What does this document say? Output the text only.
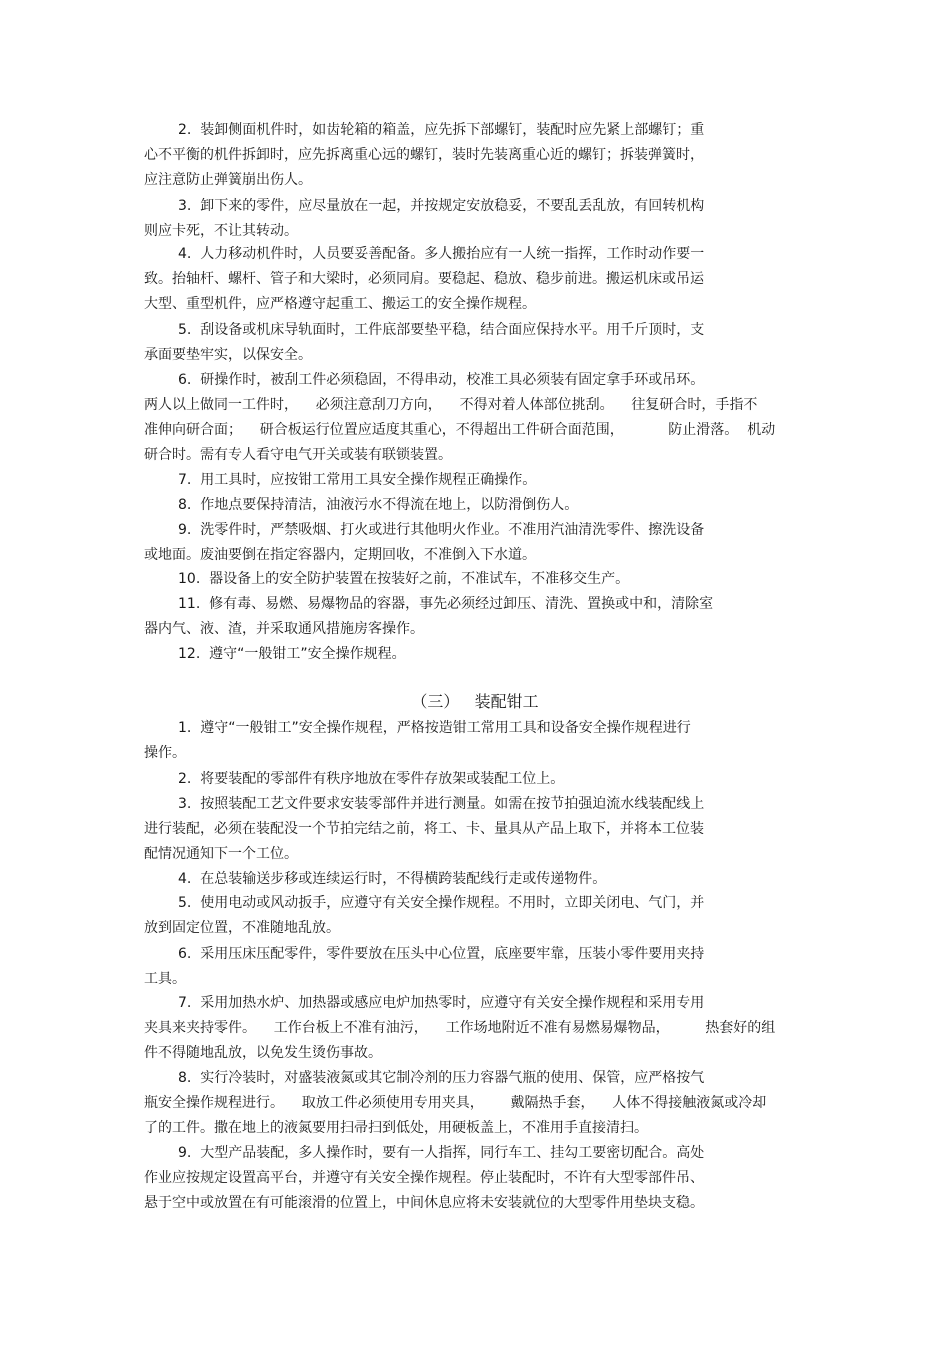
2.  装卸侧面机件时，如齿轮箱的箱盖，应先拆下部螺钉，装配时应先紧上部螺钉；重
心不平衡的机件拆卸时，应先拆离重心远的螺钉，装时先装离重心近的螺钉；拆装弹簧时，
应注意防止弹簧崩出伤人。
3.  卸下来的零件，应尽量放在一起，并按规定安放稳妥，不要乱丢乱放，有回转机构
则应卡死，不让其转动。
4.  人力移动机件时，人员要妥善配备。多人搬抬应有一人统一指挥，工作时动作要一
致。抬轴杆、螺杆、管子和大梁时，必须同肩。要稳起、稳放、稳步前进。搬运机床或吊运
大型、重型机件，应严格遵守起重工、搬运工的安全操作规程。
5.  刮设备或机床导轨面时，工件底部要垫平稳，结合面应保持水平。用千斤顶时，支
承面要垫牢实，以保安全。
6.  研操作时，被刮工件必须稳固，不得串动，校准工具必须装有固定拿手环或吊环。
两人以上做同一工件时，    必须注意刮刀方向，    不得对着人体部位挑刮。    往复研合时，手指不
准伸向研合面；    研合板运行位置应适度其重心，不得超出工件研合面范围，          防止滑落。  机动
研合时。需有专人看守电气开关或装有联锁装置。
7.  用工具时，应按钳工常用工具安全操作规程正确操作。
8.  作地点要保持清洁，油液污水不得流在地上，以防滑倒伤人。
9.  洗零件时，严禁吸烟、打火或进行其他明火作业。不准用汽油清洗零件、擦洗设备
或地面。废油要倒在指定容器内，定期回收，不准倒入下水道。
10.  器设备上的安全防护装置在按装好之前，不准试车，不准移交生产。
11.  修有毒、易燃、易爆物品的容器，事先必须经过卸压、清洗、置换或中和，清除室
器内气、液、渣，并采取通风措施房客操作。
12.  遵守“一般钳工”安全操作规程。
（三）   装配钳工
1.  遵守“一般钳工”安全操作规程，严格按造钳工常用工具和设备安全操作规程进行
操作。
2.  将要装配的零部件有秩序地放在零件存放架或装配工位上。
3.  按照装配工艺文件要求安装零部件并进行测量。如需在按节拍强迫流水线装配线上
进行装配，必须在装配没一个节拍完结之前，将工、卡、量具从产品上取下，并将本工位装
配情况通知下一个工位。
4.  在总装输送步移或连续运行时，不得横跨装配线行走或传递物件。
5.  使用电动或风动扳手，应遵守有关安全操作规程。不用时，立即关闭电、气门，并
放到固定位置，不准随地乱放。
6.  采用压床压配零件，零件要放在压头中心位置，底座要牢靠，压装小零件要用夹持
工具。
7.  采用加热水炉、加热器或感应电炉加热零时，应遵守有关安全操作规程和采用专用
夹具来夹持零件。    工作台板上不准有油污，    工作场地附近不准有易燃易爆物品，        热套好的组
件不得随地乱放，以免发生烫伤事故。
8.  实行冷装时，对盛装液氮或其它制冷剂的压力容器气瓶的使用、保管，应严格按气
瓶安全操作规程进行。    取放工件必须使用专用夹具，      戴隔热手套，    人体不得接触液氮或冷却
了的工件。撒在地上的液氮要用扫帚扫到低处，用硬板盖上，不准用手直接清扫。
9.  大型产品装配，多人操作时，要有一人指挥，同行车工、挂勾工要密切配合。高处
作业应按规定设置高平台，并遵守有关安全操作规程。停止装配时，不许有大型零部件吊、
悬于空中或放置在有可能滚滑的位置上，中间休息应将未安装就位的大型零件用垫块支稳。
